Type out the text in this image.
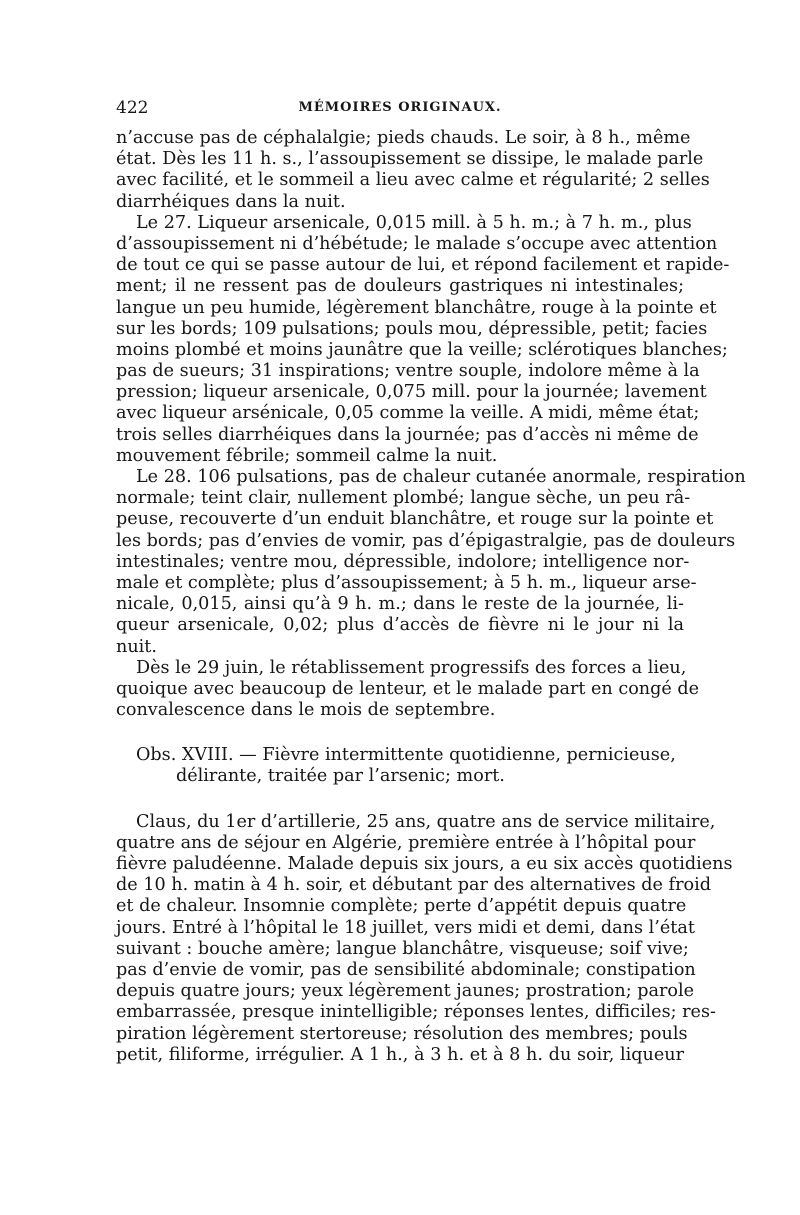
422	MÉMOIRES ORIGINAUX.
n’accuse pas de céphalalgie; pieds chauds. Le soir, à 8 h., même
état. Dès les 11 h. s., l’assoupissement se dissipe, le malade parle
avec facilité, et le sommeil a lieu avec calme et régularité; 2 selles
diarrhéiques dans la nuit.
Le 27. Liqueur arsenicale, 0,015 mill. à 5 h. m.; à 7 h. m., plus
d’assoupissement ni d’hébétude; le malade s’occupe avec attention
de tout ce qui se passe autour de lui, et répond facilement et rapide-
ment; il ne ressent pas de douleurs gastriques ni intestinales;
langue un peu humide, légèrement blanchâtre, rouge à la pointe et
sur les bords; 109 pulsations; pouls mou, dépressible, petit; facies
moins plombé et moins jaunâtre que la veille; sclérotiques blanches;
pas de sueurs; 31 inspirations; ventre souple, indolore même à la
pression; liqueur arsenicale, 0,075 mill. pour la journée; lavement
avec liqueur arsénicale, 0,05 comme la veille. A midi, même état;
trois selles diarrhéiques dans la journée; pas d’accès ni même de
mouvement fébrile; sommeil calme la nuit.
Le 28. 106 pulsations, pas de chaleur cutanée anormale, respiration
normale; teint clair, nullement plombé; langue sèche, un peu râ-
peuse, recouverte d’un enduit blanchâtre, et rouge sur la pointe et
les bords; pas d’envies de vomir, pas d’épigastralgie, pas de douleurs
intestinales; ventre mou, dépressible, indolore; intelligence nor-
male et complète; plus d’assoupissement; à 5 h. m., liqueur arse-
nicale, 0,015, ainsi qu’à 9 h. m.; dans le reste de la journée, li-
queur arsenicale, 0,02; plus d’accès de fièvre ni le jour ni la
nuit.
Dès le 29 juin, le rétablissement progressifs des forces a lieu,
quoique avec beaucoup de lenteur, et le malade part en congé de
convalescence dans le mois de septembre.
Obs. XVIII. — Fièvre intermittente quotidienne, pernicieuse,
délirante, traitée par l’arsenic; mort.
Claus, du 1er d’artillerie, 25 ans, quatre ans de service militaire,
quatre ans de séjour en Algérie, première entrée à l’hôpital pour
fièvre paludéenne. Malade depuis six jours, a eu six accès quotidiens
de 10 h. matin à 4 h. soir, et débutant par des alternatives de froid
et de chaleur. Insomnie complète; perte d’appétit depuis quatre
jours. Entré à l’hôpital le 18 juillet, vers midi et demi, dans l’état
suivant : bouche amère; langue blanchâtre, visqueuse; soif vive;
pas d’envie de vomir, pas de sensibilité abdominale; constipation
depuis quatre jours; yeux légèrement jaunes; prostration; parole
embarrassée, presque inintelligible; réponses lentes, difficiles; res-
piration légèrement stertoreuse; résolution des membres; pouls
petit, filiforme, irrégulier. A 1 h., à 3 h. et à 8 h. du soir, liqueur
